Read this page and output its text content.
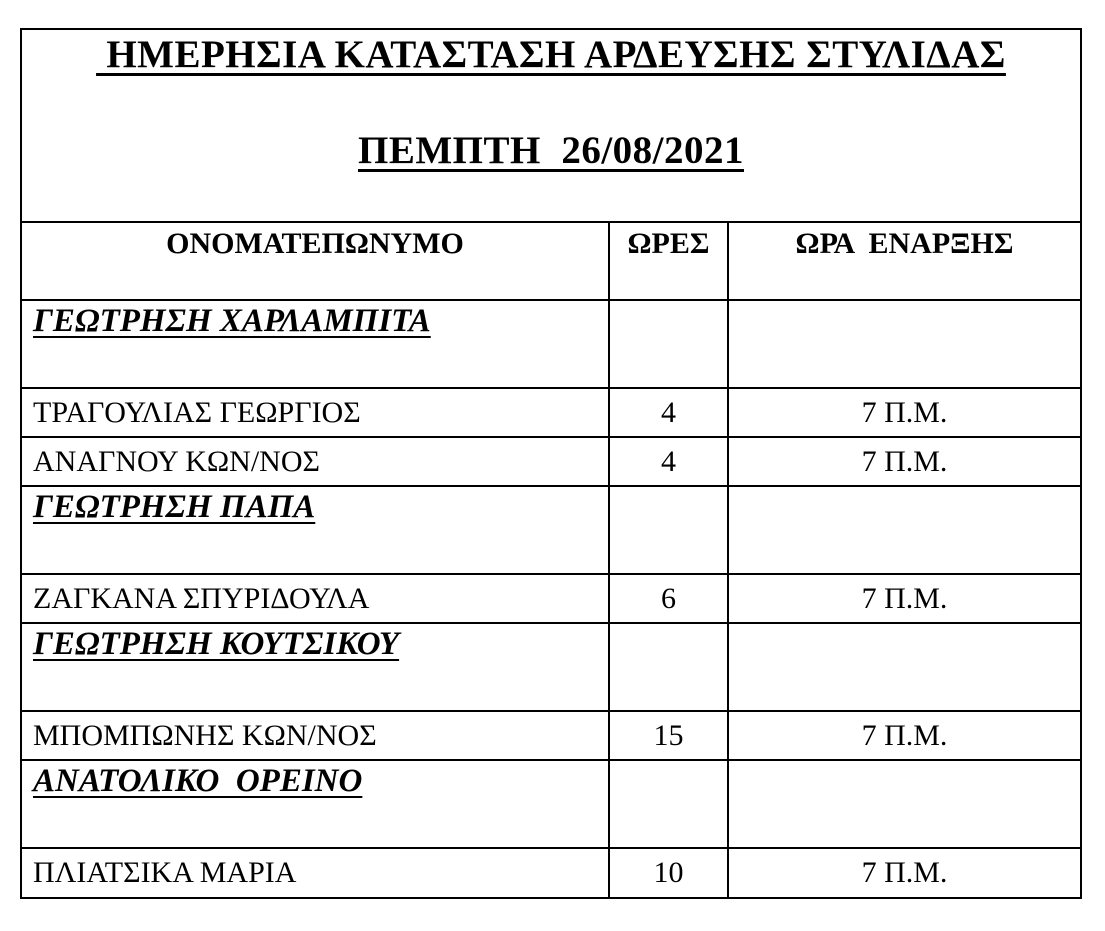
ΗΜΕΡΗΣΙΑ ΚΑΤΑΣΤΑΣΗ ΑΡΔΕΥΣΗΣ ΣΤΥΛΙΔΑΣ
ΠΕΜΠΤΗ  26/08/2021
ΟΝΟΜΑΤΕΠΩΝΥΜΟ	ΩΡΕΣ	ΩΡΑ  ΕΝΑΡΞΗΣ
ΓΕΩΤΡΗΣΗ ΧΑΡΛΑΜΠΙΤΑ		
ΤΡΑΓΟΥΛΙΑΣ ΓΕΩΡΓΙΟΣ	4	7 Π.Μ.
ΑΝΑΓΝΟΥ ΚΩΝ/ΝΟΣ	4	7 Π.Μ.
ΓΕΩΤΡΗΣΗ ΠΑΠΑ		
ΖΑΓΚΑΝΑ ΣΠΥΡΙΔΟΥΛΑ	6	7 Π.Μ.
ΓΕΩΤΡΗΣΗ ΚΟΥΤΣΙΚΟΥ		
ΜΠΟΜΠΩΝΗΣ ΚΩΝ/ΝΟΣ	15	7 Π.Μ.
ΑΝΑΤΟΛΙΚΟ  ΟΡΕΙΝΟ		
ΠΛΙΑΤΣΙΚΑ ΜΑΡΙΑ	10	7 Π.Μ.
